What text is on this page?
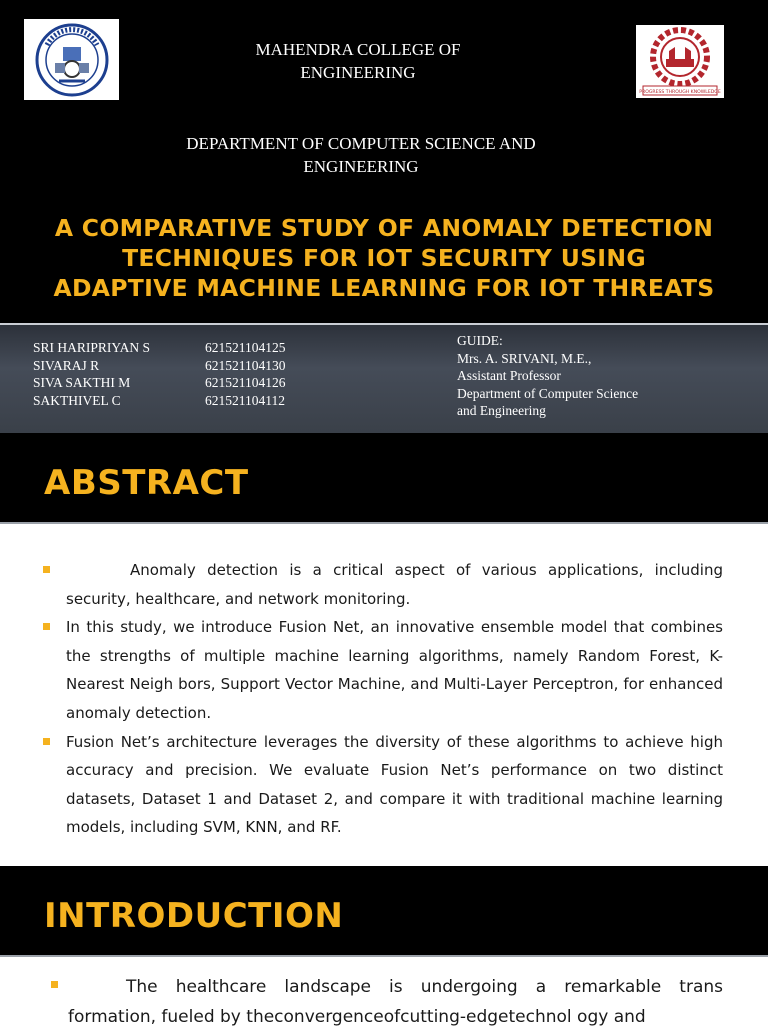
MAHENDRA COLLEGE OF ENGINEERING
PROGRESS THROUGH KNOWLEDGE
DEPARTMENT OF COMPUTER SCIENCE AND ENGINEERING
A COMPARATIVE STUDY OF ANOMALY DETECTION
TECHNIQUES FOR IOT SECURITY USING
ADAPTIVE MACHINE LEARNING FOR IOT THREATS
SRI HARIPRIYAN S	621521104125
SIVARAJ R	621521104130
SIVA SAKTHI M	621521104126
SAKTHIVEL C	621521104112
GUIDE:
Mrs. A. SRIVANI, M.E.,
Assistant Professor
Department of Computer Science
and Engineering
ABSTRACT

Anomaly detection is a critical aspect of various applications, including security, healthcare, and network monitoring.

In this study, we introduce Fusion Net, an innovative ensemble model that combines the strengths of multiple machine learning algorithms, namely Random Forest, K-Nearest Neigh bors, Support Vector Machine, and Multi-Layer Perceptron, for enhanced anomaly detection.

Fusion Net’s architecture leverages the diversity of these algorithms to achieve high accuracy and precision. We evaluate Fusion Net’s performance on two distinct datasets, Dataset 1 and Dataset 2, and compare it with traditional machine learning models, including SVM, KNN, and RF.

INTRODUCTION

The healthcare landscape is undergoing a remarkable trans formation, fueled by theconvergenceofcutting-edgetechnol ogy and
